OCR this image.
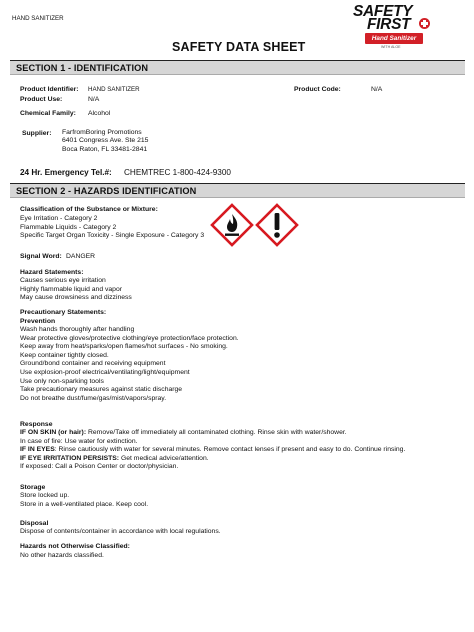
HAND SANITIZER
SAFETY DATA SHEET
SAFETY
FIRST
Hand Sanitizer
WITH ALOE
SECTION 1 - IDENTIFICATION
Product Identifier: HAND SANITIZER	Product Code:	N/A
Product Use:	N/A
Chemical Family: Alcohol
Supplier: FarfromBoring Promotions
6401 Congress Ave. Ste 215
Boca Raton, FL 33481-2841
24 Hr. Emergency Tel.#: CHEMTREC 1-800-424-9300
SECTION 2 - HAZARDS IDENTIFICATION
Classification of the Substance or Mixture:
Eye Irritation - Category 2
Flammable Liquids - Category 2
Specific Target Organ Toxicity - Single Exposure - Category 3
Signal Word: DANGER
Hazard Statements:
Causes serious eye irritation
Highly flammable liquid and vapor
May cause drowsiness and dizziness
Precautionary Statements:
Prevention
Wash hands thoroughly after handling
Wear protective gloves/protective clothing/eye protection/face protection.
Keep away from heat/sparks/open flames/hot surfaces - No smoking.
Keep container tightly closed.
Ground/bond container and receiving equipment
Use explosion-proof electrical/ventilating/light/equipment
Use only non-sparking tools
Take precautionary measures against static discharge
Do not breathe dust/fume/gas/mist/vapors/spray.
Response
IF ON SKIN (or hair): Remove/Take off immediately all contaminated clothing. Rinse skin with water/shower.
In case of fire: Use water for extinction.
IF IN EYES: Rinse cautiously with water for several minutes. Remove contact lenses if present and easy to do. Continue rinsing.
IF EYE IRRITATION PERSISTS: Get medical advice/attention.
If exposed: Call a Poison Center or doctor/physician.
Storage
Store locked up.
Store in a well-ventilated place. Keep cool.
Disposal
Dispose of contents/container in accordance with local regulations.
Hazards not Otherwise Classified:
No other hazards classified.
